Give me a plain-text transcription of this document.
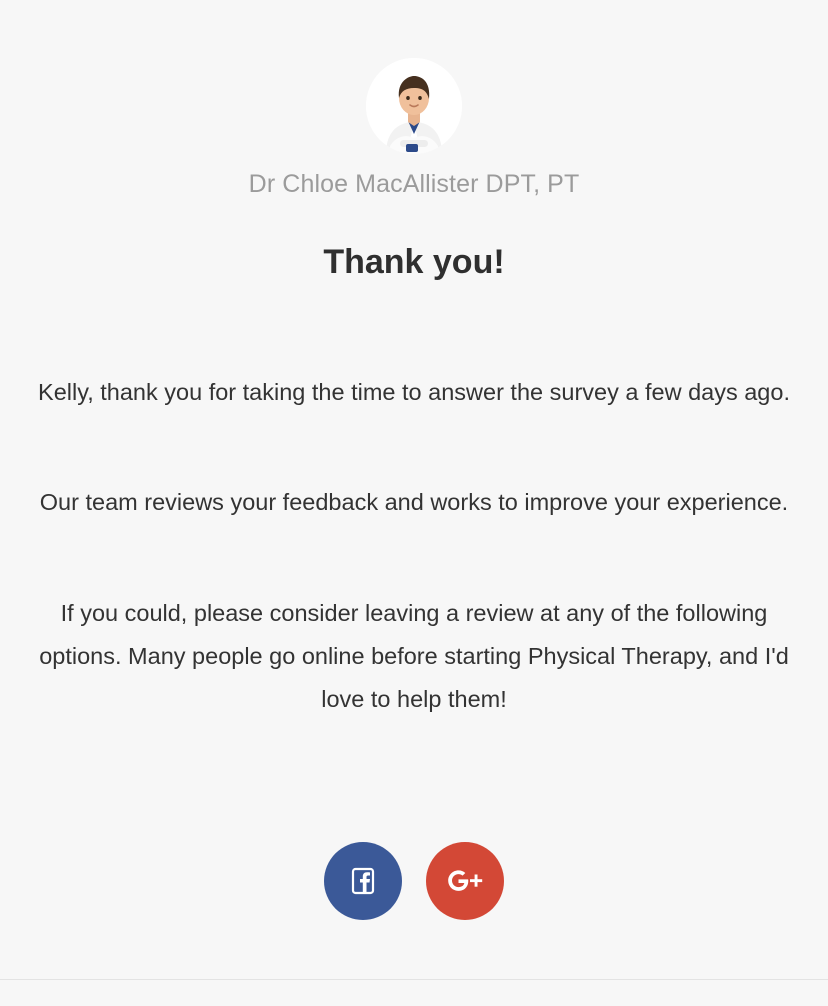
Dr Chloe MacAllister DPT, PT
Thank you!

Kelly, thank you for taking the time to answer the survey a few days ago.

Our team reviews your feedback and works to improve your experience.

If you could, please consider leaving a review at any of the following options. Many people go online before starting Physical Therapy, and I'd love to help them!
